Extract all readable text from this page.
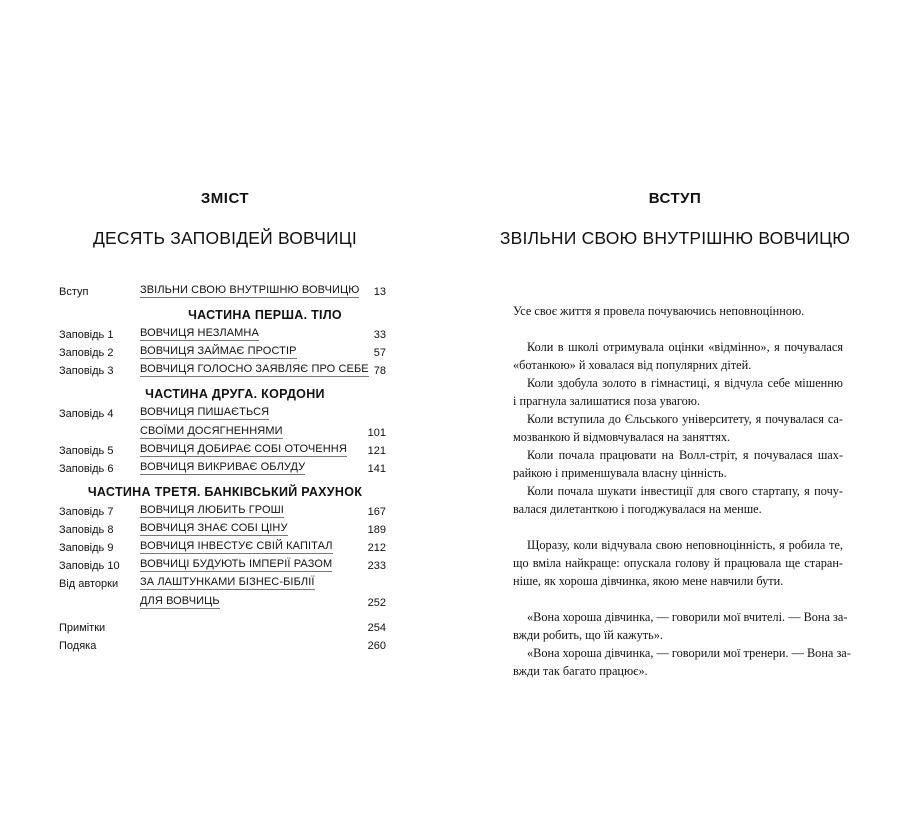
ЗМІСТ
ДЕСЯТЬ ЗАПОВІДЕЙ ВОВЧИЦІ
Вступ	ЗВІЛЬНИ СВОЮ ВНУТРІШНЮ ВОВЧИЦЮ 13
ЧАСТИНА ПЕРША. ТІЛО
Заповідь 1 ВОВЧИЦЯ НЕЗЛАМНА	33
Заповідь 2 ВОВЧИЦЯ ЗАЙМАЄ ПРОСТІР	57
Заповідь 3 ВОВЧИЦЯ ГОЛОСНО ЗАЯВЛЯЄ ПРО СЕБЕ 78
ЧАСТИНА ДРУГА. КОРДОНИ
Заповідь 4 ВОВЧИЦЯ ПИШАЄТЬСЯ
СВОЇМИ ДОСЯГНЕННЯМИ	101
Заповідь 5 ВОВЧИЦЯ ДОБИРАЄ СОБІ ОТОЧЕННЯ 121
Заповідь 6 ВОВЧИЦЯ ВИКРИВАЄ ОБЛУДУ	141
ЧАСТИНА ТРЕТЯ. БАНКІВСЬКИЙ РАХУНОК
Заповідь 7 ВОВЧИЦЯ ЛЮБИТЬ ГРОШІ	167
Заповідь 8 ВОВЧИЦЯ ЗНАЄ СОБІ ЦІНУ	189
Заповідь 9 ВОВЧИЦЯ ІНВЕСТУЄ СВІЙ КАПІТАЛ	212
Заповідь 10 ВОВЧИЦІ БУДУЮТЬ ІМПЕРІЇ РАЗОМ	233
Від авторки ЗА ЛАШТУНКАМИ БІЗНЕС-БІБЛІЇ
ДЛЯ ВОВЧИЦЬ	252
Примітки	254
Подяка	260
ВСТУП
ЗВІЛЬНИ СВОЮ ВНУТРІШНЮ ВОВЧИЦЮ
Усе своє життя я провела почуваючись неповноцінною.
Коли в школі отримувала оцінки «відмінно», я почувалася
«ботанкою» й ховалася від популярних дітей.
Коли здобула золото в гімнастиці, я відчула себе мішенню
і прагнула залишатися поза увагою.
Коли вступила до Єльського університету, я почувалася са-
мозванкою й відмовчувалася на заняттях.
Коли почала працювати на Волл-стріт, я почувалася шах-
райкою і применшувала власну цінність.
Коли почала шукати інвестиції для свого стартапу, я почу-
валася дилетанткою і погоджувалася на менше.
Щоразу, коли відчувала свою неповноцінність, я робила те,
що вміла найкраще: опускала голову й працювала ще старан-
ніше, як хороша дівчинка, якою мене навчили бути.
«Вона хороша дівчинка, — говорили мої вчителі. — Вона за-
вжди робить, що їй кажуть».
«Вона хороша дівчинка, — говорили мої тренери. — Вона за-
вжди так багато працює».
